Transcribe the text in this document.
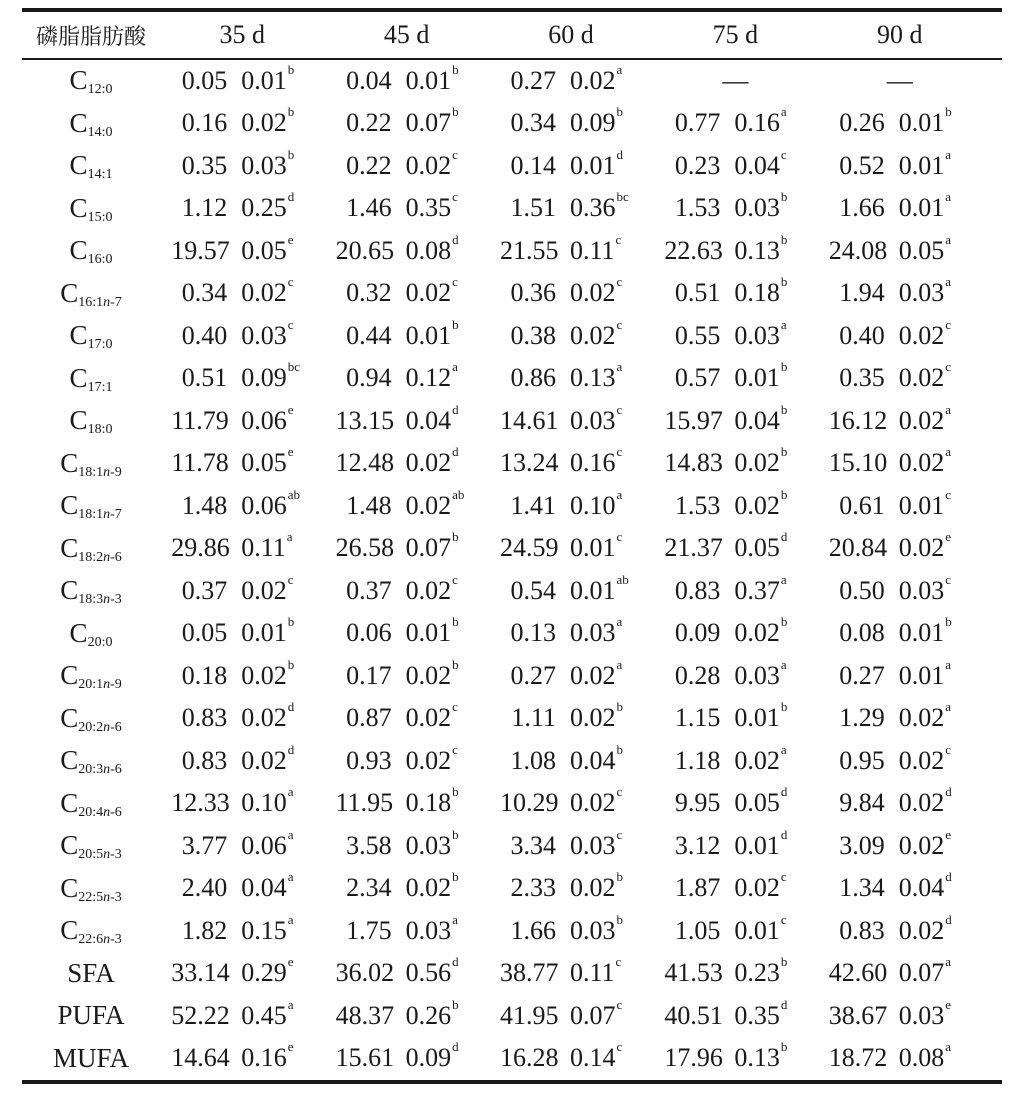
磷脂脂肪酸	35 d	45 d	60 d	75 d	90 d
$C_{12:0}$	0.05 0.01$^b$	0.04 0.01$^b$	0.27 0.02$^a$	—	—
$C_{14:0}$	0.16 0.02$^b$	0.22 0.07$^b$	0.34 0.09$^b$	0.77 0.16$^a$	0.26 0.01$^b$
$C_{14:1}$	0.35 0.03$^b$	0.22 0.02$^c$	0.14 0.01$^d$	0.23 0.04$^c$	0.52 0.01$^a$
$C_{15:0}$	1.12 0.25$^d$	1.46 0.35$^c$	1.51 0.36$^{bc}$	1.53 0.03$^b$	1.66 0.01$^a$
$C_{16:0}$	19.57 0.05e	20.65 0.08$^d$	21.55 0.11$^c$	22.63 0.13$^b$	24.08 0.05$^a$
$C_{16:1n-7}$	0.34 0.02$^c$	0.32 0.02$^c$	0.36 0.02$^c$	0.51 0.18$^b$	1.94 0.03$^a$
$C_{17:0}$	0.40 0.03$^c$	0.44 0.01$^b$	0.38 0.02$^c$	0.55 0.03$^a$	0.40 0.02$^c$
$C_{17:1}$	0.51 0.09$^{bc}$	0.94 0.12$^a$	0.86 0.13$^a$	0.57 0.01$^b$	0.35 0.02$^c$
$C_{18:0}$	11.79 0.06e	13.15 0.04$^d$	14.61 0.03$^c$	15.97 0.04$^b$	16.12 0.02$^a$
$C_{18:1n-9}$	11.78 0.05e	12.48 0.02$^d$	13.24 0.16$^c$	14.83 0.02$^b$	15.10 0.02$^a$
$C_{18:1n-7}$	1.48 0.06$^{ab}$	1.48 0.02$^{ab}$	1.41 0.10$^a$	1.53 0.02$^b$	0.61 0.01$^c$
$C_{18:2n-6}$	29.86 0.11$^a$	26.58 0.07$^b$	24.59 0.01$^c$	21.37 0.05$^d$	20.84 0.02e
$C_{18:3n-3}$	0.37 0.02$^c$	0.37 0.02$^c$	0.54 0.01$^{ab}$	0.83 0.37$^a$	0.50 0.03$^c$
$C_{20:0}$	0.05 0.01$^b$	0.06 0.01$^b$	0.13 0.03$^a$	0.09 0.02$^b$	0.08 0.01$^b$
$C_{20:1n-9}$	0.18 0.02$^b$	0.17 0.02$^b$	0.27 0.02$^a$	0.28 0.03$^a$	0.27 0.01$^a$
$C_{20:2n-6}$	0.83 0.02$^d$	0.87 0.02$^c$	1.11 0.02$^b$	1.15 0.01$^b$	1.29 0.02$^a$
$C_{20:3n-6}$	0.83 0.02$^d$	0.93 0.02$^c$	1.08 0.04$^b$	1.18 0.02$^a$	0.95 0.02$^c$
$C_{20:4n-6}$	12.33 0.10$^a$	11.95 0.18$^b$	10.29 0.02$^c$	9.95 0.05$^d$	9.84 0.02$^d$
$C_{20:5n-3}$	3.77 0.06$^a$	3.58 0.03$^b$	3.34 0.03$^c$	3.12 0.01$^d$	3.09 0.02e
$C_{22:5n-3}$	2.40 0.04$^a$	2.34 0.02$^b$	2.33 0.02$^b$	1.87 0.02$^c$	1.34 0.04$^d$
$C_{22:6n-3}$	1.82 0.15$^a$	1.75 0.03$^a$	1.66 0.03$^b$	1.05 0.01$^c$	0.83 0.02$^d$
SFA	33.14 0.29e	36.02 0.56$^d$	38.77 0.11$^c$	41.53 0.23$^b$	42.60 0.07$^a$
PUFA	52.22 0.45$^a$	48.37 0.26$^b$	41.95 0.07$^c$	40.51 0.35$^d$	38.67 0.03e
MUFA	14.64 0.16e	15.61 0.09$^d$	16.28 0.14$^c$	17.96 0.13$^b$	18.72 0.08$^a$
